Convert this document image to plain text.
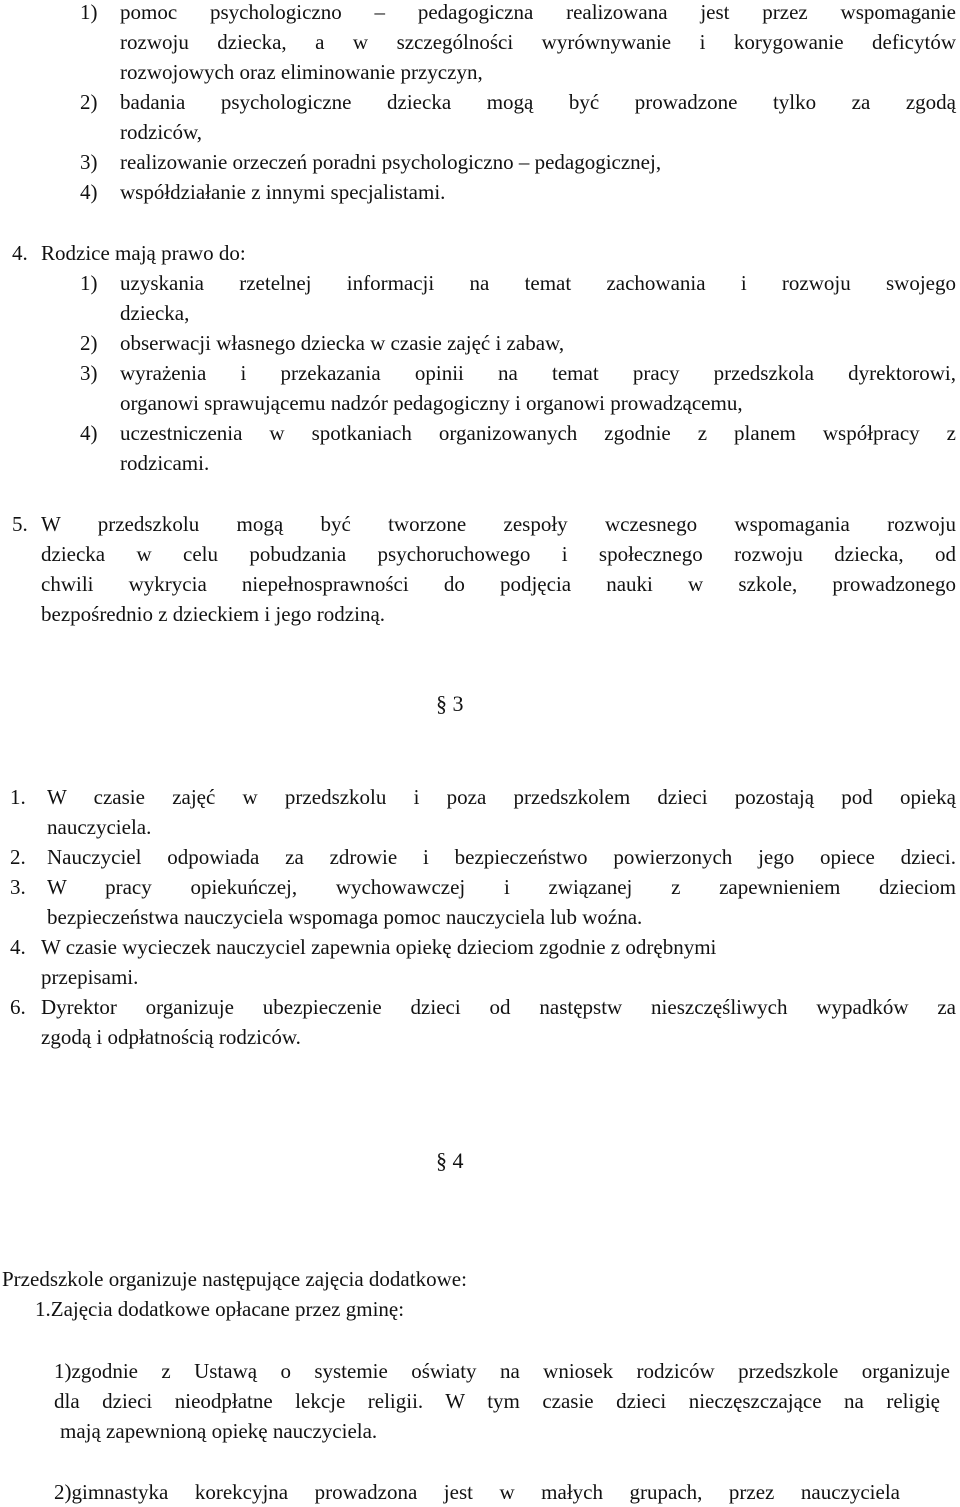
1) pomoc psychologiczno – pedagogiczna realizowana jest przez wspomaganie
rozwoju dziecka, a w szczególności wyrównywanie i korygowanie deficytów
rozwojowych oraz eliminowanie przyczyn,
2) badania psychologiczne dziecka mogą być prowadzone tylko za zgodą
rodziców,
3) realizowanie orzeczeń poradni psychologiczno – pedagogicznej,
4) współdziałanie z innymi specjalistami.
4. Rodzice mają prawo do:
1) uzyskania rzetelnej informacji na temat zachowania i rozwoju swojego
dziecka,
2) obserwacji własnego dziecka w czasie zajęć i zabaw,
3) wyrażenia i przekazania opinii na temat pracy przedszkola dyrektorowi,
organowi sprawującemu nadzór pedagogiczny i organowi prowadzącemu,
4) uczestniczenia w spotkaniach organizowanych zgodnie z planem współpracy z
rodzicami.
5. W przedszkolu mogą być tworzone zespoły wczesnego wspomagania rozwoju
dziecka w celu pobudzania psychoruchowego i społecznego rozwoju dziecka, od
chwili wykrycia niepełnosprawności do podjęcia nauki w szkole, prowadzonego
bezpośrednio z dzieckiem i jego rodziną.
§ 3
1. W czasie zajęć w przedszkolu i poza przedszkolem dzieci pozostają pod opieką
nauczyciela.
2. Nauczyciel odpowiada za zdrowie i bezpieczeństwo powierzonych jego opiece dzieci.
3. W pracy opiekuńczej, wychowawczej i związanej z zapewnieniem dzieciom
bezpieczeństwa nauczyciela wspomaga pomoc nauczyciela lub woźna.
4. W czasie wycieczek nauczyciel zapewnia opiekę dzieciom zgodnie z odrębnymi
przepisami.
6. Dyrektor organizuje ubezpieczenie dzieci od następstw nieszczęśliwych wypadków za
zgodą i odpłatnością rodziców.
§ 4
Przedszkole organizuje następujące zajęcia dodatkowe:
1.Zajęcia dodatkowe opłacane przez gminę:
1)zgodnie z Ustawą o systemie oświaty na wniosek rodziców przedszkole organizuje
dla dzieci nieodpłatne lekcje religii. W tym czasie dzieci nieczęszczające na religię
mają zapewnioną opiekę nauczyciela.
2)gimnastyka korekcyjna prowadzona jest w małych grupach, przez nauczyciela
